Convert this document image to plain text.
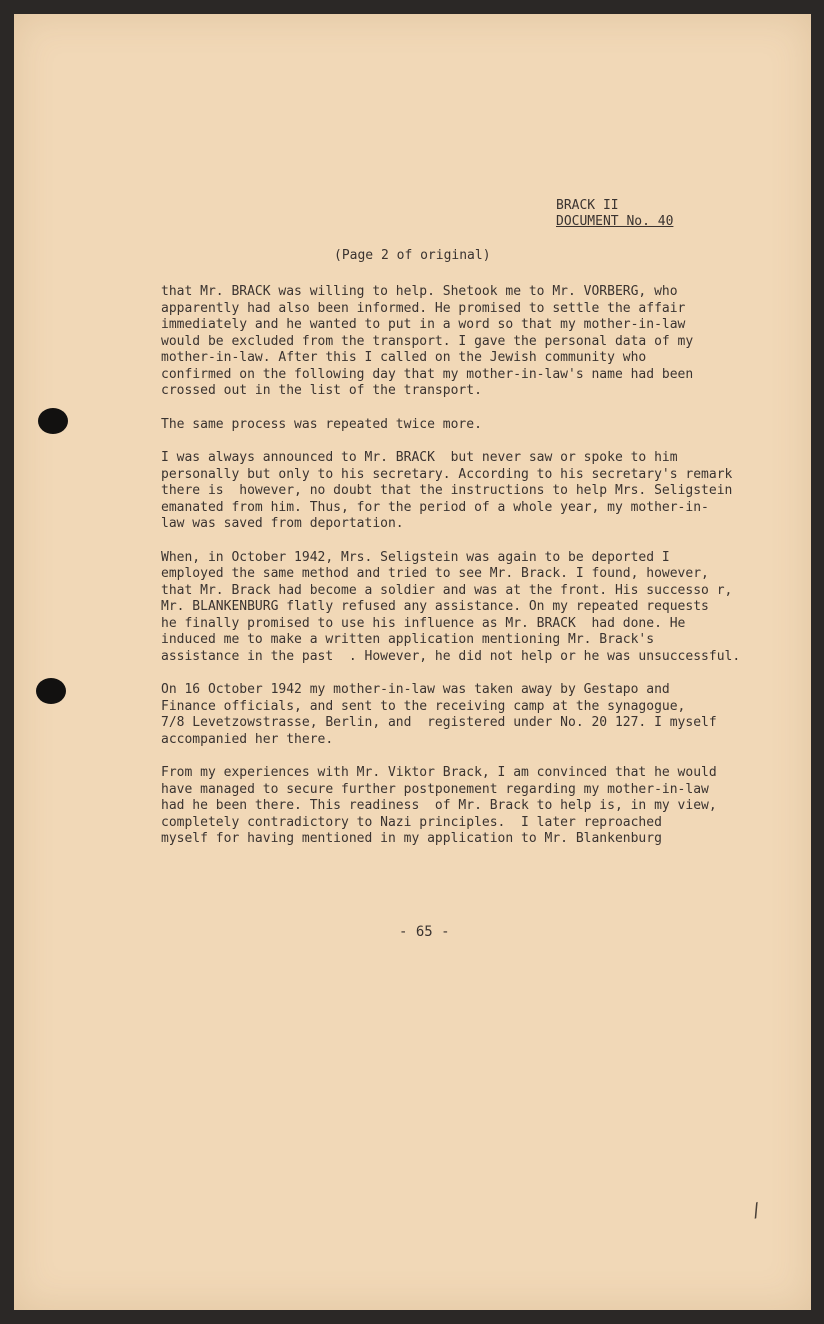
BRACK II
DOCUMENT No. 40
(Page 2 of original)

that Mr. BRACK was willing to help. Shetook me to Mr. VORBERG, who
apparently had also been informed. He promised to settle the affair
immediately and he wanted to put in a word so that my mother-in-law
would be excluded from the transport. I gave the personal data of my
mother-in-law. After this I called on the Jewish community who
confirmed on the following day that my mother-in-law's name had been
crossed out in the list of the transport.

The same process was repeated twice more.

I was always announced to Mr. BRACK  but never saw or spoke to him
personally but only to his secretary. According to his secretary's remark
there is  however, no doubt that the instructions to help Mrs. Seligstein
emanated from him. Thus, for the period of a whole year, my mother-in-
law was saved from deportation.

When, in October 1942, Mrs. Seligstein was again to be deported I
employed the same method and tried to see Mr. Brack. I found, however,
that Mr. Brack had become a soldier and was at the front. His successo r,
Mr. BLANKENBURG flatly refused any assistance. On my repeated requests
he finally promised to use his influence as Mr. BRACK  had done. He
induced me to make a written application mentioning Mr. Brack's
assistance in the past  . However, he did not help or he was unsuccessful.

On 16 October 1942 my mother-in-law was taken away by Gestapo and
Finance officials, and sent to the receiving camp at the synagogue,
7/8 Levetzowstrasse, Berlin, and  registered under No. 20 127. I myself
accompanied her there.

From my experiences with Mr. Viktor Brack, I am convinced that he would
have managed to secure further postponement regarding my mother-in-law
had he been there. This readiness  of Mr. Brack to help is, in my view,
completely contradictory to Nazi principles.  I later reproached
myself for having mentioned in my application to Mr. Blankenburg

- 65 -
/
